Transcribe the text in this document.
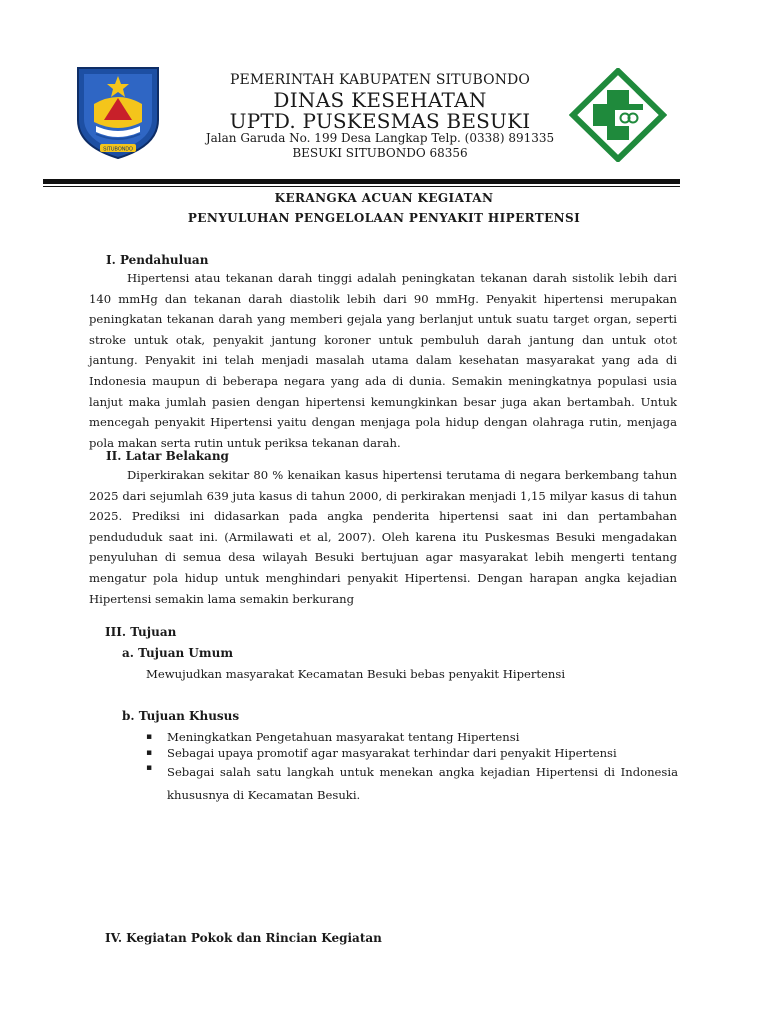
SITUBONDO
PEMERINTAH KABUPATEN SITUBONDO
DINAS KESEHATAN
UPTD. PUSKESMAS BESUKI
Jalan Garuda No. 199 Desa Langkap Telp. (0338) 891335
BESUKI SITUBONDO 68356
KERANGKA ACUAN KEGIATAN
PENYULUHAN PENGELOLAAN PENYAKIT HIPERTENSI
I. Pendahuluan
Hipertensi atau tekanan darah tinggi adalah peningkatan tekanan darah sistolik lebih dari 140 mmHg dan tekanan darah diastolik lebih dari 90 mmHg. Penyakit hipertensi merupakan peningkatan tekanan darah yang memberi gejala yang berlanjut untuk suatu target organ, seperti stroke untuk otak, penyakit jantung koroner untuk pembuluh darah jantung dan untuk otot jantung. Penyakit ini telah menjadi masalah utama dalam kesehatan masyarakat yang ada di Indonesia maupun di beberapa negara yang ada di dunia. Semakin meningkatnya populasi usia lanjut maka jumlah pasien dengan hipertensi kemungkinkan besar juga akan bertambah. Untuk mencegah penyakit Hipertensi yaitu dengan menjaga pola hidup dengan olahraga rutin, menjaga pola makan serta rutin untuk periksa tekanan darah.
II. Latar Belakang
Diperkirakan sekitar 80 % kenaikan kasus hipertensi terutama di negara berkembang tahun 2025 dari sejumlah 639 juta kasus di tahun 2000, di perkirakan menjadi 1,15 milyar kasus di tahun 2025. Prediksi ini didasarkan pada angka penderita hipertensi saat ini dan pertambahan pendududuk saat ini. (Armilawati et al, 2007). Oleh karena itu Puskesmas Besuki mengadakan penyuluhan di semua desa wilayah Besuki bertujuan agar masyarakat lebih mengerti tentang mengatur pola hidup untuk menghindari penyakit Hipertensi. Dengan harapan angka kejadian Hipertensi semakin lama semakin berkurang
III. Tujuan
a. Tujuan Umum
Mewujudkan masyarakat Kecamatan Besuki bebas penyakit Hipertensi
b. Tujuan Khusus
▪ Meningkatkan Pengetahuan masyarakat tentang Hipertensi
▪ Sebagai upaya promotif agar masyarakat terhindar dari penyakit Hipertensi
▪ Sebagai salah satu langkah untuk menekan angka kejadian Hipertensi di Indonesia khususnya di Kecamatan Besuki.
IV. Kegiatan Pokok dan Rincian Kegiatan
